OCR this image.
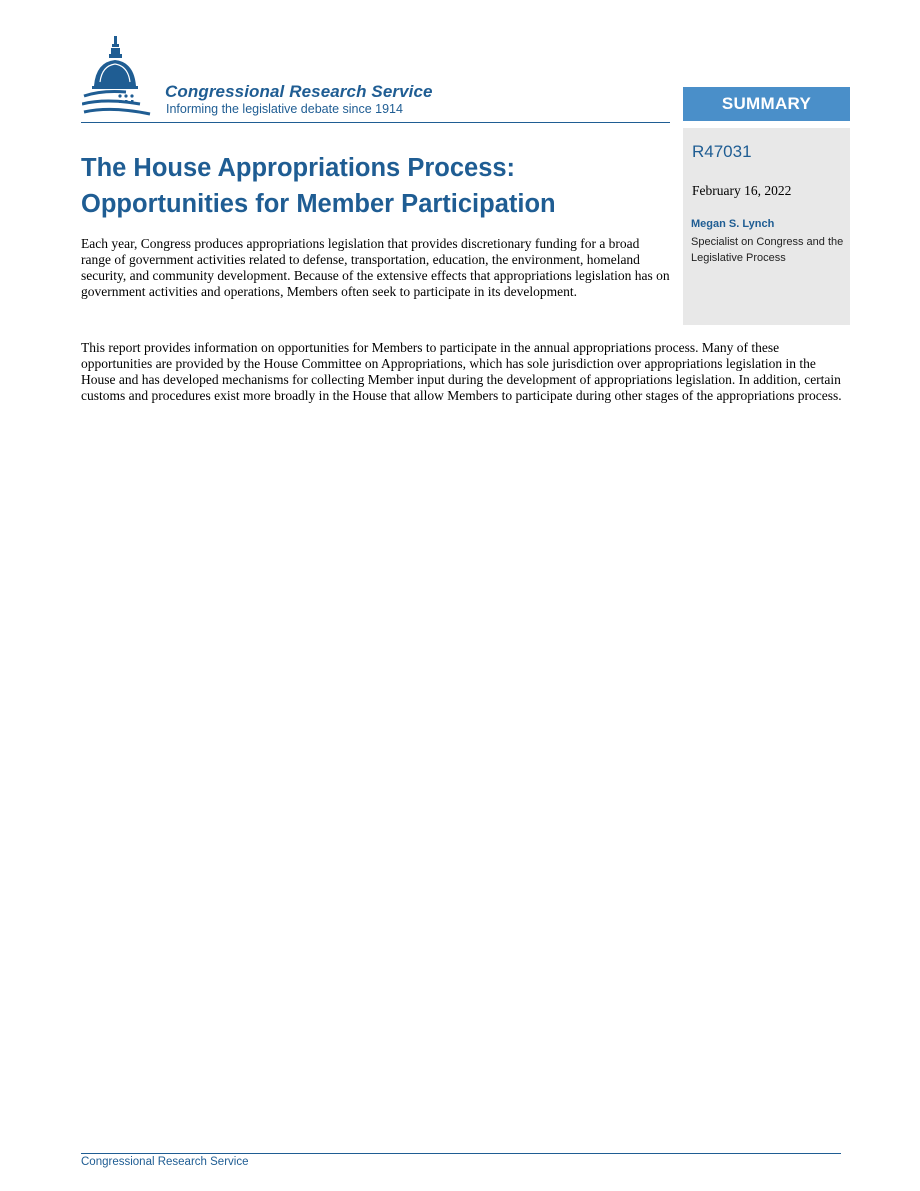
Congressional Research Service
Informing the legislative debate since 1914	SUMMARY
R47031
February 16, 2022
Megan S. Lynch
Specialist on Congress and the Legislative Process
The House Appropriations Process:
Opportunities for Member Participation

Each year, Congress produces appropriations legislation that provides discretionary funding for a broad range of government activities related to defense, transportation, education, the environment, homeland security, and community development. Because of the extensive effects that appropriations legislation has on government activities and operations, Members often seek to participate in its development.

This report provides information on opportunities for Members to participate in the annual appropriations process. Many of these opportunities are provided by the House Committee on Appropriations, which has sole jurisdiction over appropriations legislation in the House and has developed mechanisms for collecting Member input during the development of appropriations legislation. In addition, certain customs and procedures exist more broadly in the House that allow Members to participate during other stages of the appropriations process.

Congressional Research Service
